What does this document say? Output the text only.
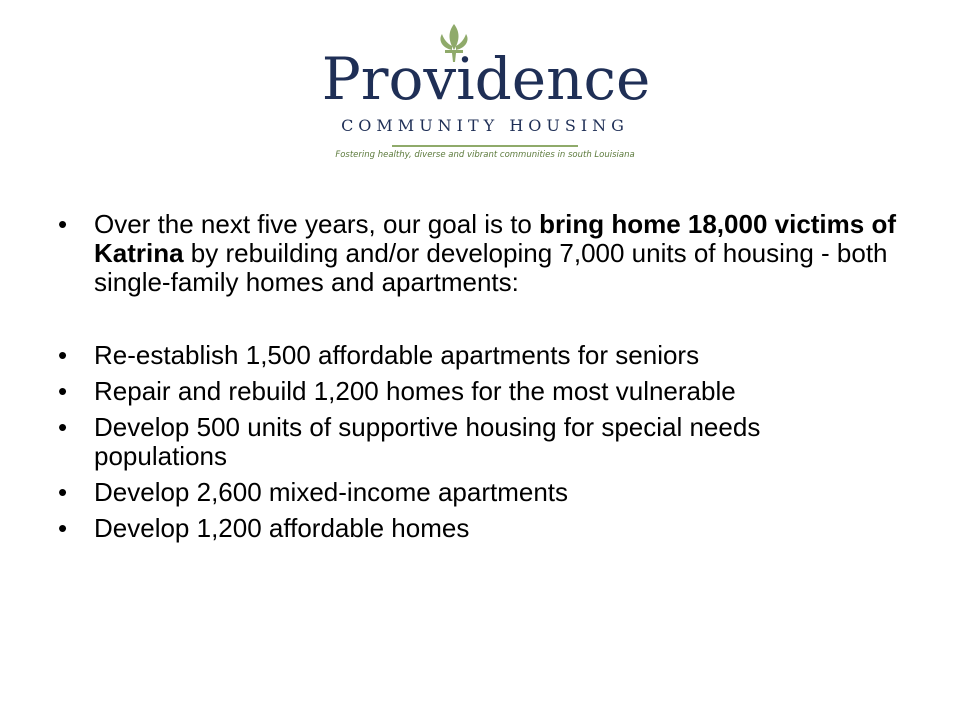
Providence
COMMUNITY HOUSING
Fostering healthy, diverse and vibrant communities in south Louisiana
• Over the next five years, our goal is to bring home 18,000 victims of Katrina by rebuilding and/or developing 7,000 units of housing - both single-family homes and apartments:
• Re-establish 1,500 affordable apartments for seniors
• Repair and rebuild 1,200 homes for the most vulnerable
• Develop 500 units of supportive housing for special needs populations
• Develop 2,600 mixed-income apartments
• Develop 1,200 affordable homes
